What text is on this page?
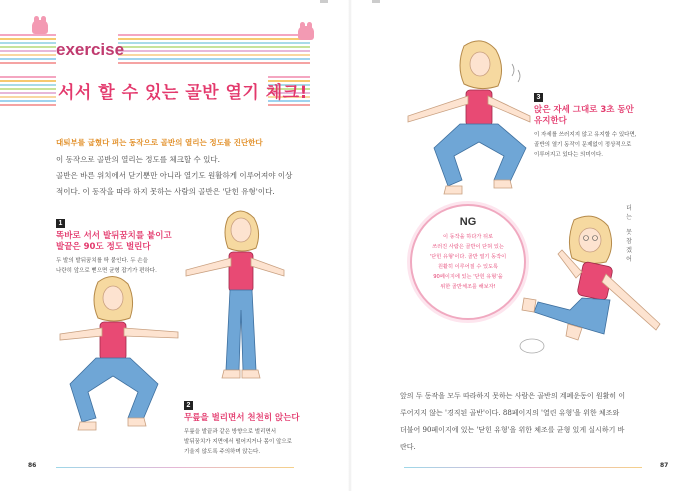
exercise
서서 할 수 있는 골반 열기 체크!
대퇴부를 굽혔다 펴는 동작으로 골반의 열리는 정도를 진단한다
이 동작으로 골반의 열리는 정도를 체크할 수 있다.
골반은 바른 위치에서 닫기뿐만 아니라 열기도 원활하게 이루어져야 이상
적이다. 이 동작을 따라 하지 못하는 사람의 골반은 '닫힌 유형'이다.
1
똑바로 서서 발뒤꿈치를 붙이고
발끝은 90도 정도 벌린다
두 발의 발뒤꿈치를 딱 붙인다. 두 손을
나란히 앞으로 뻗으면 균형 잡기가 편하다.
2
무릎을 벌리면서 천천히 앉는다
무릎을 발끝과 같은 방향으로 벌리면서
발뒤꿈치가 지면에서 떨어지거나 몸이 앞으로
기울지 않도록 주의하며 앉는다.
3
앉은 자세 그대로 3초 동안
유지한다
이 자세를 쓰러지지 않고 유지할 수 있다면,
골반의 열기 동작이 문제없이 정상적으로
이루어지고 있다는 의미이다.
NG
이 동작을 하다가 뒤로
쓰러진 사람은 골반이 닫혀 있는
'닫힌 유형'이다. 골반 열기 동작이
원활히 이루어질 수 있도록
90페이지에 있는 '닫힌 유형'을
위한 골반체조를 해보자!
더
는
못
참
겠
어
앞의 두 동작을 모두 따라하지 못하는 사람은 골반의 계폐운동이 원활히 이
루어지지 않는 '경직된 골반'이다. 88페이지의 '열린 유형'을 위한 체조와
더불어 90페이지에 있는 '닫힌 유형'을 위한 체조를 균형 있게 실시하기 바
란다.
86	87
